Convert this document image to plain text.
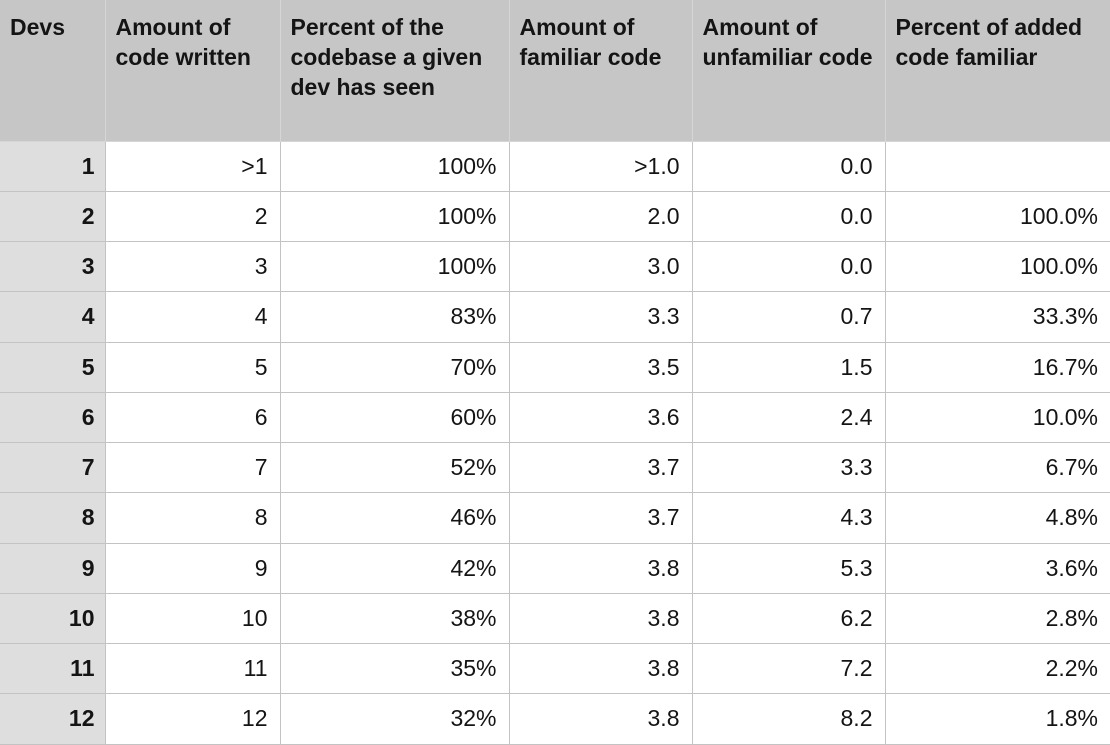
Devs	Amount of code written	Percent of the codebase a given dev has seen	Amount of familiar code	Amount of unfamiliar code	Percent of added code familiar
1	>1	100%	>1.0	0.0	
2	2	100%	2.0	0.0	100.0%
3	3	100%	3.0	0.0	100.0%
4	4	83%	3.3	0.7	33.3%
5	5	70%	3.5	1.5	16.7%
6	6	60%	3.6	2.4	10.0%
7	7	52%	3.7	3.3	6.7%
8	8	46%	3.7	4.3	4.8%
9	9	42%	3.8	5.3	3.6%
10	10	38%	3.8	6.2	2.8%
11	11	35%	3.8	7.2	2.2%
12	12	32%	3.8	8.2	1.8%
